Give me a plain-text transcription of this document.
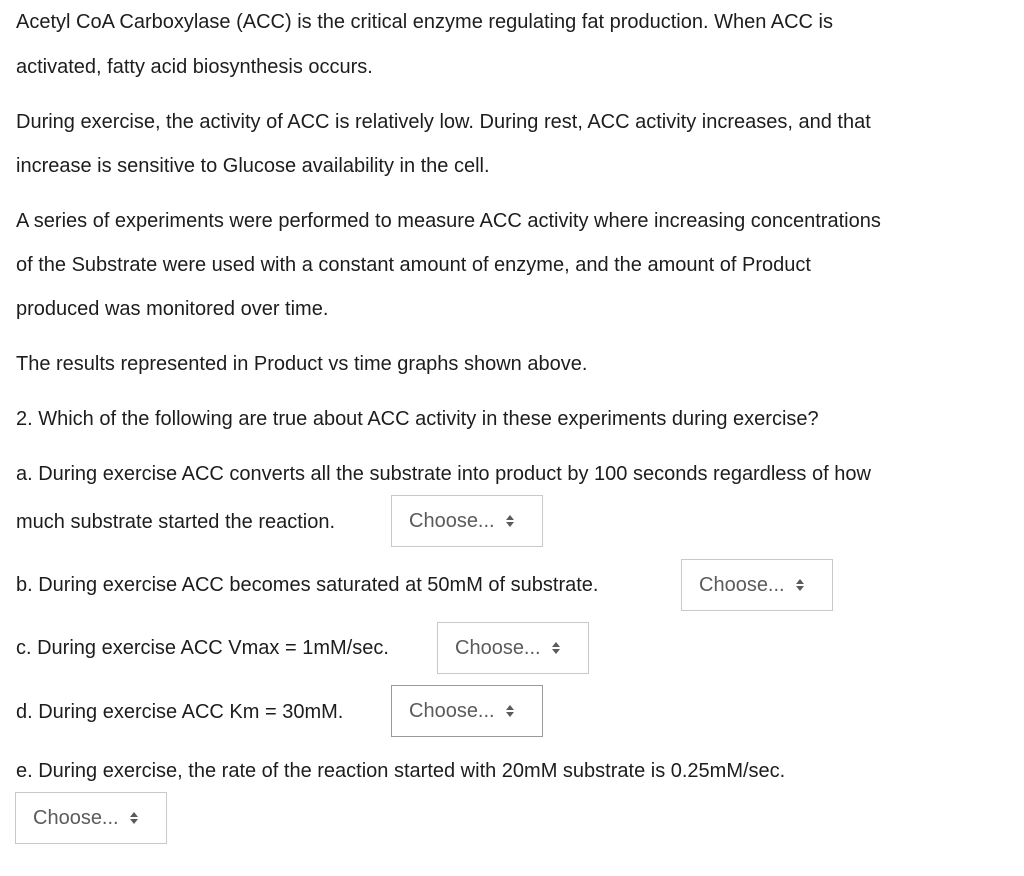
Acetyl CoA Carboxylase (ACC) is the critical enzyme regulating fat production. When ACC is
activated, fatty acid biosynthesis occurs.
During exercise, the activity of ACC is relatively low. During rest, ACC activity increases, and that
increase is sensitive to Glucose availability in the cell.
A series of experiments were performed to measure ACC activity where increasing concentrations
of the Substrate were used with a constant amount of enzyme, and the amount of Product
produced was monitored over time.
The results represented in Product vs time graphs shown above.
2. Which of the following are true about ACC activity in these experiments during exercise?
a. During exercise ACC converts all the substrate into product by 100 seconds regardless of how
much substrate started the reaction.	Choose...
b. During exercise ACC becomes saturated at 50mM of substrate.	Choose...
c. During exercise ACC Vmax = 1mM/sec.	Choose...
d. During exercise ACC Km = 30mM.	Choose...
e. During exercise, the rate of the reaction started with 20mM substrate is 0.25mM/sec.
Choose...
